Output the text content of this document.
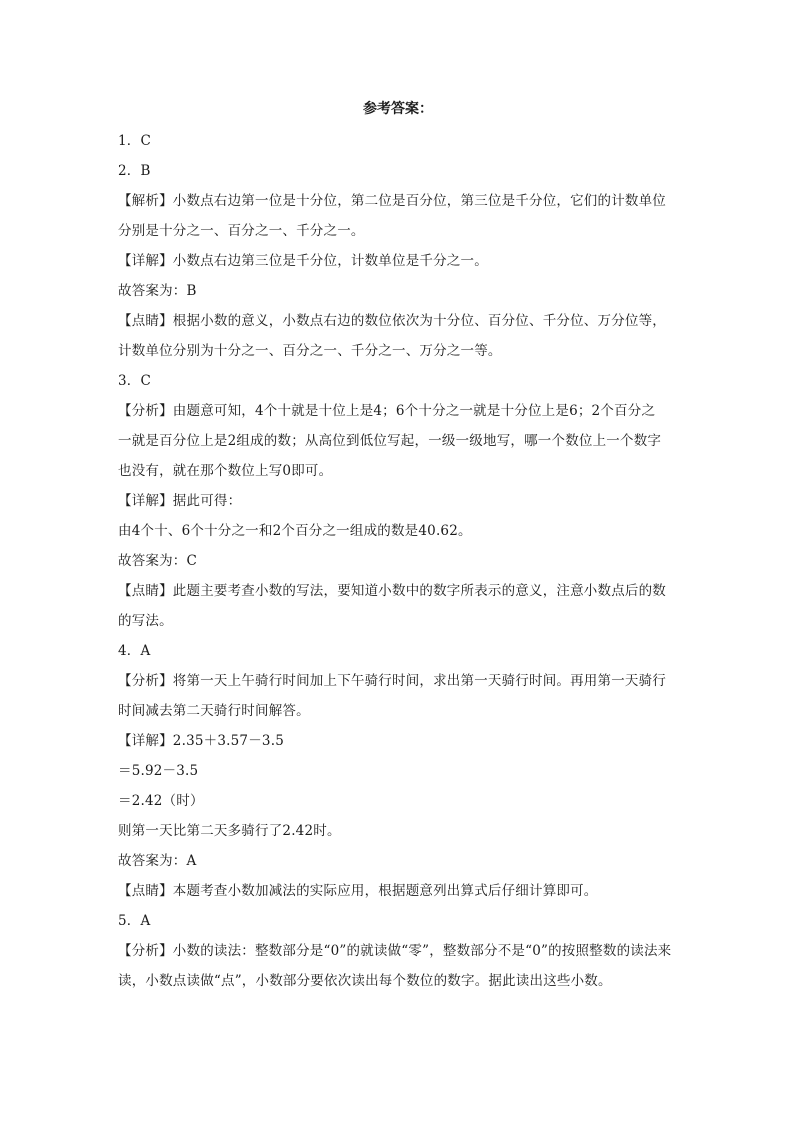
参考答案：
1．C
2．B
【解析】小数点右边第一位是十分位，第二位是百分位，第三位是千分位，它们的计数单位
分别是十分之一、百分之一、千分之一。
【详解】小数点右边第三位是千分位，计数单位是千分之一。
故答案为：B
【点睛】根据小数的意义，小数点右边的数位依次为十分位、百分位、千分位、万分位等，
计数单位分别为十分之一、百分之一、千分之一、万分之一等。
3．C
【分析】由题意可知，4个十就是十位上是4；6个十分之一就是十分位上是6；2个百分之
一就是百分位上是2组成的数；从高位到低位写起，一级一级地写，哪一个数位上一个数字
也没有，就在那个数位上写0即可。
【详解】据此可得：
由4个十、6个十分之一和2个百分之一组成的数是40.62。
故答案为：C
【点睛】此题主要考查小数的写法，要知道小数中的数字所表示的意义，注意小数点后的数
的写法。
4．A
【分析】将第一天上午骑行时间加上下午骑行时间，求出第一天骑行时间。再用第一天骑行
时间减去第二天骑行时间解答。
【详解】2.35＋3.57－3.5
＝5.92－3.5
＝2.42（时）
则第一天比第二天多骑行了2.42时。
故答案为：A
【点睛】本题考查小数加减法的实际应用，根据题意列出算式后仔细计算即可。
5．A
【分析】小数的读法：整数部分是“0”的就读做“零”，整数部分不是“0”的按照整数的读法来
读，小数点读做“点”，小数部分要依次读出每个数位的数字。据此读出这些小数。
